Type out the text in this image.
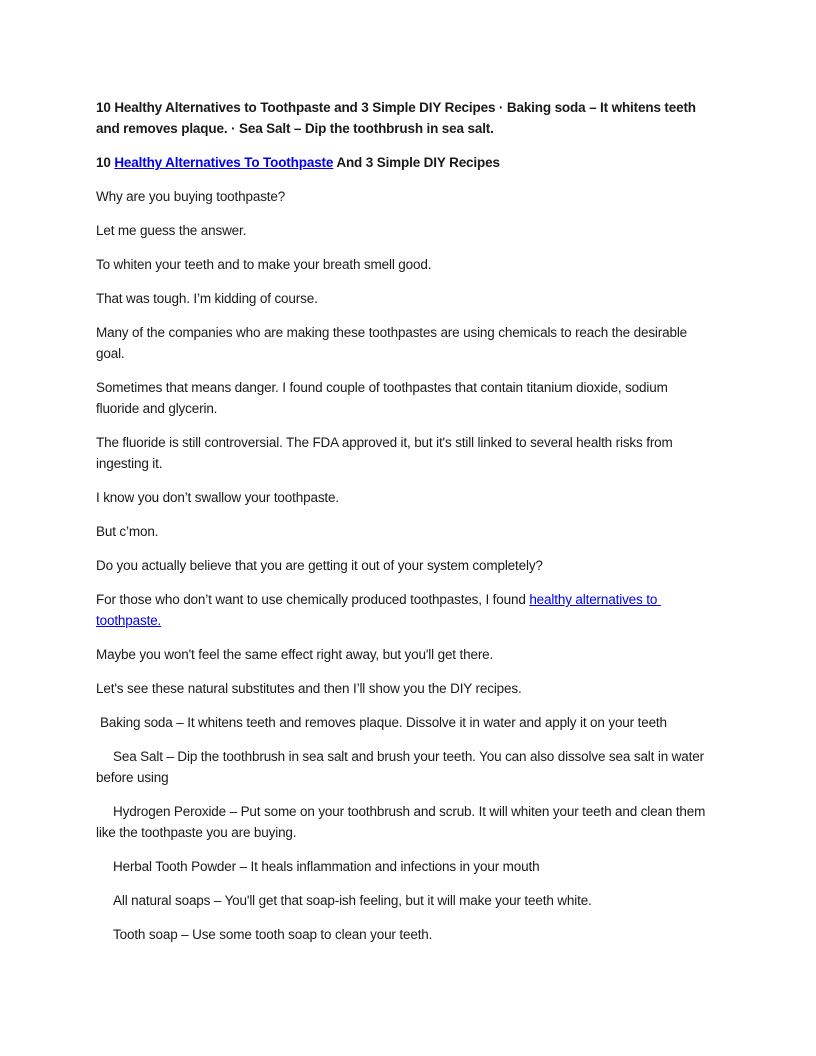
10 Healthy Alternatives to Toothpaste and 3 Simple DIY Recipes · Baking soda – It whitens teeth and removes plaque. · Sea Salt – Dip the toothbrush in sea salt.

10 Healthy Alternatives To Toothpaste And 3 Simple DIY Recipes

Why are you buying toothpaste?

Let me guess the answer.

To whiten your teeth and to make your breath smell good.

That was tough. I’m kidding of course.

Many of the companies who are making these toothpastes are using chemicals to reach the desirable goal.

Sometimes that means danger. I found couple of toothpastes that contain titanium dioxide, sodium fluoride and glycerin.

The fluoride is still controversial. The FDA approved it, but it's still linked to several health risks from ingesting it.

I know you don’t swallow your toothpaste.

But c’mon.

Do you actually believe that you are getting it out of your system completely?

For those who don’t want to use chemically produced toothpastes, I found healthy alternatives to toothpaste.

Maybe you won't feel the same effect right away, but you'll get there.

Let's see these natural substitutes and then I’ll show you the DIY recipes.

Baking soda – It whitens teeth and removes plaque. Dissolve it in water and apply it on your teeth

Sea Salt – Dip the toothbrush in sea salt and brush your teeth. You can also dissolve sea salt in water before using

Hydrogen Peroxide – Put some on your toothbrush and scrub. It will whiten your teeth and clean them like the toothpaste you are buying.

Herbal Tooth Powder – It heals inflammation and infections in your mouth

All natural soaps – You'll get that soap-ish feeling, but it will make your teeth white.

Tooth soap – Use some tooth soap to clean your teeth.
